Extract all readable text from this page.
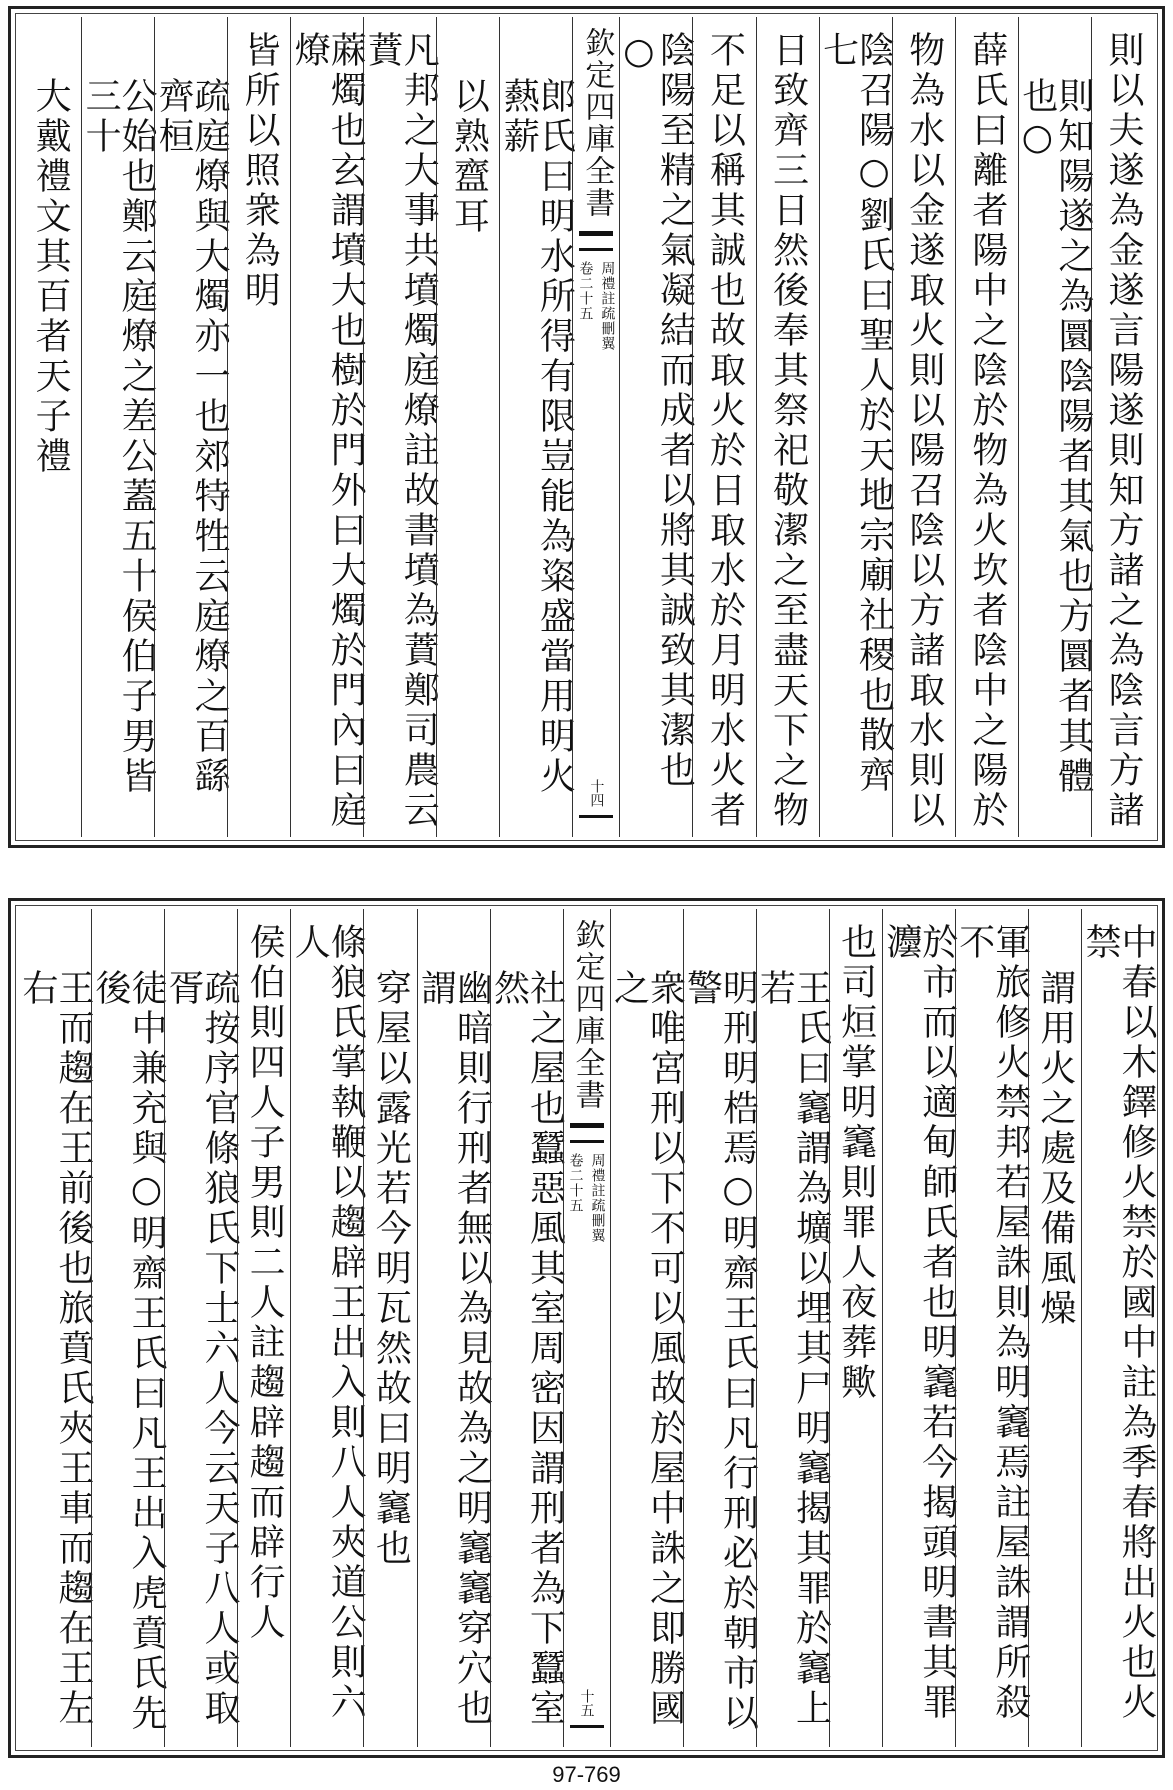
則以夫遂為金遂言陽遂則知方諸之為陰言方諸
則知陽遂之為圜陰陽者其氣也方圜者其體也○
薛氏曰離者陽中之陰於物為火坎者陰中之陽於
物為水以金遂取火則以陽召陰以方諸取水則以
陰召陽○劉氏曰聖人於天地宗廟社稷也散齊七
日致齊三日然後奉其祭祀敬潔之至盡天下之物
不足以稱其誠也故取火於日取水於月明水火者
陰陽至精之氣凝結而成者以將其誠致其潔也○
欽定四庫全書
周禮註疏刪翼
卷二十五
十四
郎氏曰明水所得有限豈能為粢盛當用明火爇薪
以熟齍耳
凡邦之大事共墳燭庭燎註故書墳為蕡鄭司農云蕡
蔴燭也玄謂墳大也樹於門外曰大燭於門內曰庭燎
皆所以照衆為明
疏庭燎與大燭亦一也郊特牲云庭燎之百繇齊桓
公始也鄭云庭燎之差公蓋五十侯伯子男皆三十
大戴禮文其百者天子禮
中春以木鐸修火禁於國中註為季春將出火也火禁
謂用火之處及備風燥
軍旅修火禁邦若屋誅則為明竁焉註屋誅謂所殺不
於市而以適甸師氏者也明竁若今揭頭明書其罪灋
也司烜掌明竁則罪人夜葬歟
王氏曰竁謂為壙以埋其尸明竁揭其罪於竁上若
明刑明梏焉○明齋王氏曰凡行刑必於朝市以警
衆唯宮刑以下不可以風故於屋中誅之即勝國之
欽定四庫全書
周禮註疏刪翼
卷二十五
十五
社之屋也蠶惡風其室周密因謂刑者為下蠶室然
幽暗則行刑者無以為見故為之明竁竁穿穴也謂
穿屋以露光若今明瓦然故曰明竁也
條狼氏掌執鞭以趨辟王出入則八人夾道公則六人
侯伯則四人子男則二人註趨辟趨而辟行人
疏按序官條狼氏下士六人今云天子八人或取胥
徒中兼充與○明齋王氏曰凡王出入虎賁氏先後
王而趨在王前後也旅賁氏夾王車而趨在王左右
97-769
